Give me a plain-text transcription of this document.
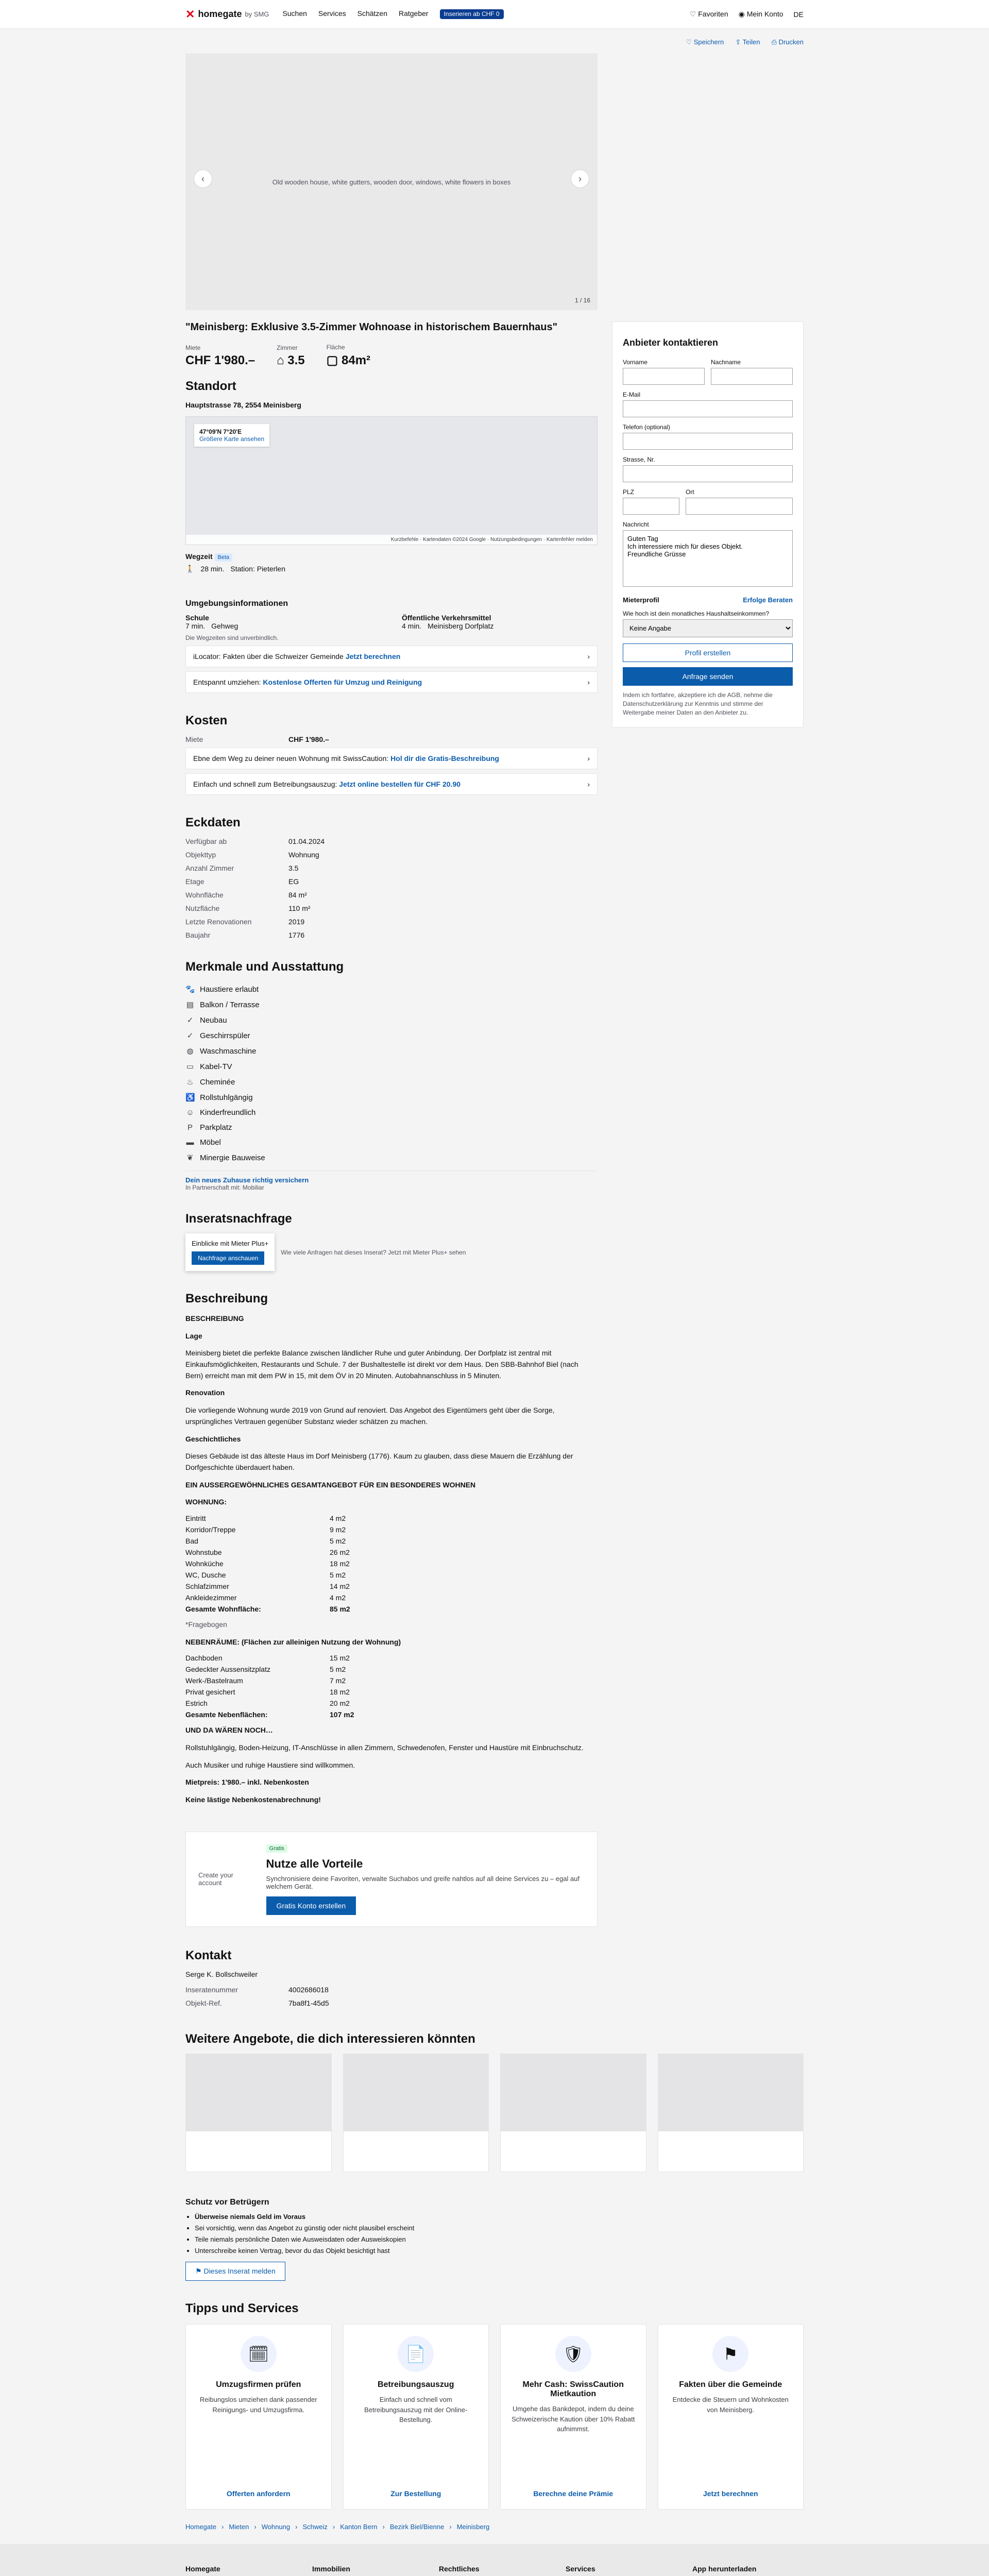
✕ homegate by SMG Suchen Services Schätzen Ratgeber	Inserieren ab CHF 0	♡ Favoriten ◉ Mein Konto DE
♡ Speichern ⇪ Teilen ⎙ Drucken
Old wooden house, white gutters, wooden door, windows, white flowers in boxes
‹	›
1 / 16
"Meinisberg: Exklusive 3.5-Zimmer Wohnoase in historischem Bauernhaus"
Miete
CHF 1'980.–
Zimmer
⌂ 3.5
Fläche
▢ 84m²
Standort
Hauptstrasse 78, 2554 Meinisberg
47°09'N 7°20'E
Größere Karte ansehen
Kurzbefehle · Kartendaten ©2024 Google · Nutzungsbedingungen · Kartenfehler melden
Wegzeit Beta
🚶 28 min. Station: Pieterlen
Umgebungsinformationen
Schule
7 min. Gehweg
Öffentliche Verkehrsmittel
4 min. Meinisberg Dorfplatz
Die Wegzeiten sind unverbindlich.
iLocator: Fakten über die Schweizer Gemeinde Jetzt berechnen	›
Entspannt umziehen: Kostenlose Offerten für Umzug und Reinigung	›
Kosten
Miete	CHF 1'980.–
Ebne dem Weg zu deiner neuen Wohnung mit SwissCaution: Hol dir die Gratis-Beschreibung	›
Einfach und schnell zum Betreibungsauszug: Jetzt online bestellen für CHF 20.90	›
Eckdaten
Verfügbar ab	01.04.2024
Objekttyp	Wohnung
Anzahl Zimmer	3.5
Etage	EG
Wohnfläche	84 m²
Nutzfläche	110 m²
Letzte Renovationen	2019
Baujahr	1776
Merkmale und Ausstattung
🐾 Haustiere erlaubt
▤ Balkon / Terrasse
✓ Neubau
✓ Geschirrspüler
◍ Waschmaschine
▭ Kabel-TV
♨ Cheminée
♿ Rollstuhlgängig
☺ Kinderfreundlich
P Parkplatz
▬ Möbel
❦ Minergie Bauweise
Dein neues Zuhause richtig versichern
In Partnerschaft mit: Mobiliar
Inseratsnachfrage
Einblicke mit Mieter Plus+
Nachfrage anschauen
Wie viele Anfragen hat dieses Inserat? Jetzt mit Mieter Plus+ sehen
Beschreibung

BESCHREIBUNG

Lage

Meinisberg bietet die perfekte Balance zwischen ländlicher Ruhe und guter Anbindung. Der Dorfplatz ist zentral mit Einkaufsmöglichkeiten, Restaurants und Schule. 7 der Bushaltestelle ist direkt vor dem Haus. Den SBB-Bahnhof Biel (nach Bern) erreicht man mit dem PW in 15, mit dem ÖV in 20 Minuten. Autobahnanschluss in 5 Minuten.

Renovation

Die vorliegende Wohnung wurde 2019 von Grund auf renoviert. Das Angebot des Eigentümers geht über die Sorge, ursprüngliches Vertrauen gegenüber Substanz wieder schätzen zu machen.

Geschichtliches

Dieses Gebäude ist das älteste Haus im Dorf Meinisberg (1776). Kaum zu glauben, dass diese Mauern die Erzählung der Dorfgeschichte überdauert haben.

EIN AUSSERGEWÖHNLICHES GESAMTANGEBOT FÜR EIN BESONDERES WOHNEN

WOHNUNG:

Eintritt	4 m2
Korridor/Treppe	9 m2
Bad	5 m2
Wohnstube	26 m2
Wohnküche	18 m2
WC, Dusche	5 m2
Schlafzimmer	14 m2
Ankleidezimmer	4 m2
Gesamte Wohnfläche:	85 m2

*Fragebogen

NEBENRÄUME: (Flächen zur alleinigen Nutzung der Wohnung)

Dachboden	15 m2
Gedeckter Aussensitzplatz	5 m2
Werk-/Bastelraum	7 m2
Privat gesichert	18 m2
Estrich	20 m2
Gesamte Nebenflächen:	107 m2

UND DA WÄREN NOCH…

Rollstuhlgängig, Boden-Heizung, IT-Anschlüsse in allen Zimmern, Schwedenofen, Fenster und Haustüre mit Einbruchschutz.

Auch Musiker und ruhige Haustiere sind willkommen.

Mietpreis: 1'980.– inkl. Nebenkosten

Keine lästige Nebenkostenabrechnung!

Create your account
Gratis
Nutze alle Vorteile

Synchronisiere deine Favoriten, verwalte Suchabos und greife nahtlos auf all deine Services zu – egal auf welchem Gerät.

Gratis Konto erstellen
Kontakt

Serge K. Bollschweiler

Inseratenummer	4002686018
Objekt-Ref.	7ba8f1-45d5
Anbieter kontaktieren
Vorname	Nachname
E-Mail
Telefon (optional)
Strasse, Nr.
PLZ	Ort
Nachricht
Guten Tag Ich interessiere mich für dieses Objekt. Freundliche Grüsse
Mieterprofil	Erfolge Beraten
Wie hoch ist dein monatliches Haushaltseinkommen?
Keine Angabe
Profil erstellen Anfrage senden

Indem ich fortfahre, akzeptiere ich die AGB, nehme die Datenschutzerklärung zur Kenntnis und stimme der Weitergabe meiner Daten an den Anbieter zu.

Weitere Angebote, die dich interessieren könnten
Schutz vor Betrügern
• Überweise niemals Geld im Voraus
• Sei vorsichtig, wenn das Angebot zu günstig oder nicht plausibel erscheint
• Teile niemals persönliche Daten wie Ausweisdaten oder Ausweiskopien
• Unterschreibe keinen Vertrag, bevor du das Objekt besichtigt hast
⚑ Dieses Inserat melden
Tipps und Services
🗓
Umzugsfirmen prüfen

Reibungslos umziehen dank passender Reinigungs- und Umzugsfirma.

Offerten anfordern
📄
Betreibungsauszug

Einfach und schnell vom Betreibungsauszug mit der Online-Bestellung.

Zur Bestellung
🛡
Mehr Cash: SwissCaution Mietkaution

Umgehe das Bankdepot, indem du deine Schweizerische Kaution über 10% Rabatt aufnimmst.

Berechne deine Prämie
⚑
Fakten über die Gemeinde

Entdecke die Steuern und Wohnkosten von Meinisberg.

Jetzt berechnen
Homegate › Mieten › Wohnung › Schweiz › Kanton Bern › Bezirk Biel/Bienne › Meinisberg
Homegate	Immobilien	Rechtliches	Services	App herunterladen
